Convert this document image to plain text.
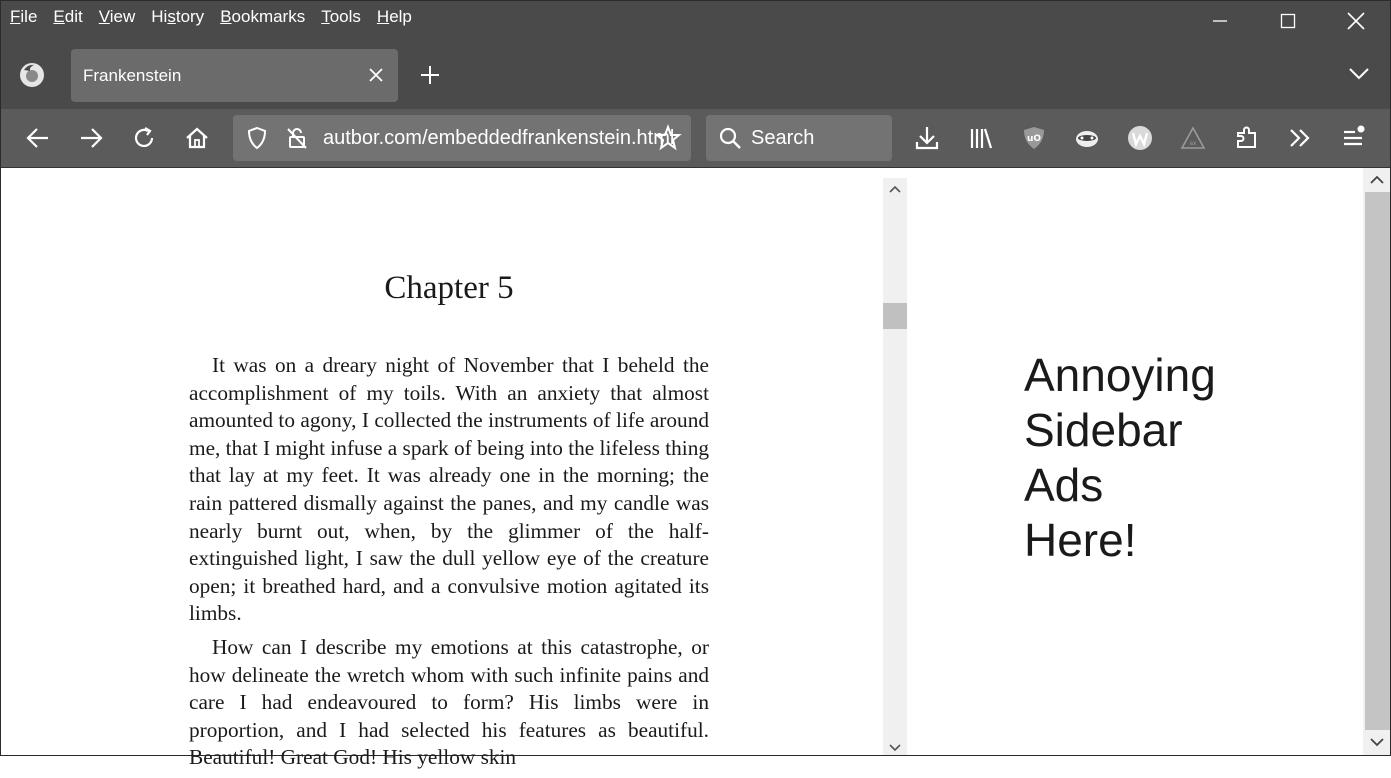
File Edit View History Bookmarks Tools Help
Frankenstein
autbor.com/embeddedfrankenstein.html	Search	uO	ax
Chapter 5

It was on a dreary night of November that I beheld the accomplishment of my toils. With an anxiety that almost amounted to agony, I collected the instruments of life around me, that I might infuse a spark of being into the lifeless thing that lay at my feet. It was already one in the morning; the rain pattered dismally against the panes, and my candle was nearly burnt out, when, by the glimmer of the half-extinguished light, I saw the dull yellow eye of the creature open; it breathed hard, and a convulsive motion agitated its limbs.

How can I describe my emotions at this catastrophe, or how delineate the wretch whom with such infinite pains and care I had endeavoured to form? His limbs were in proportion, and I had selected his features as beautiful. Beautiful! Great God! His yellow skin

Annoying
Sidebar
Ads
Here!
